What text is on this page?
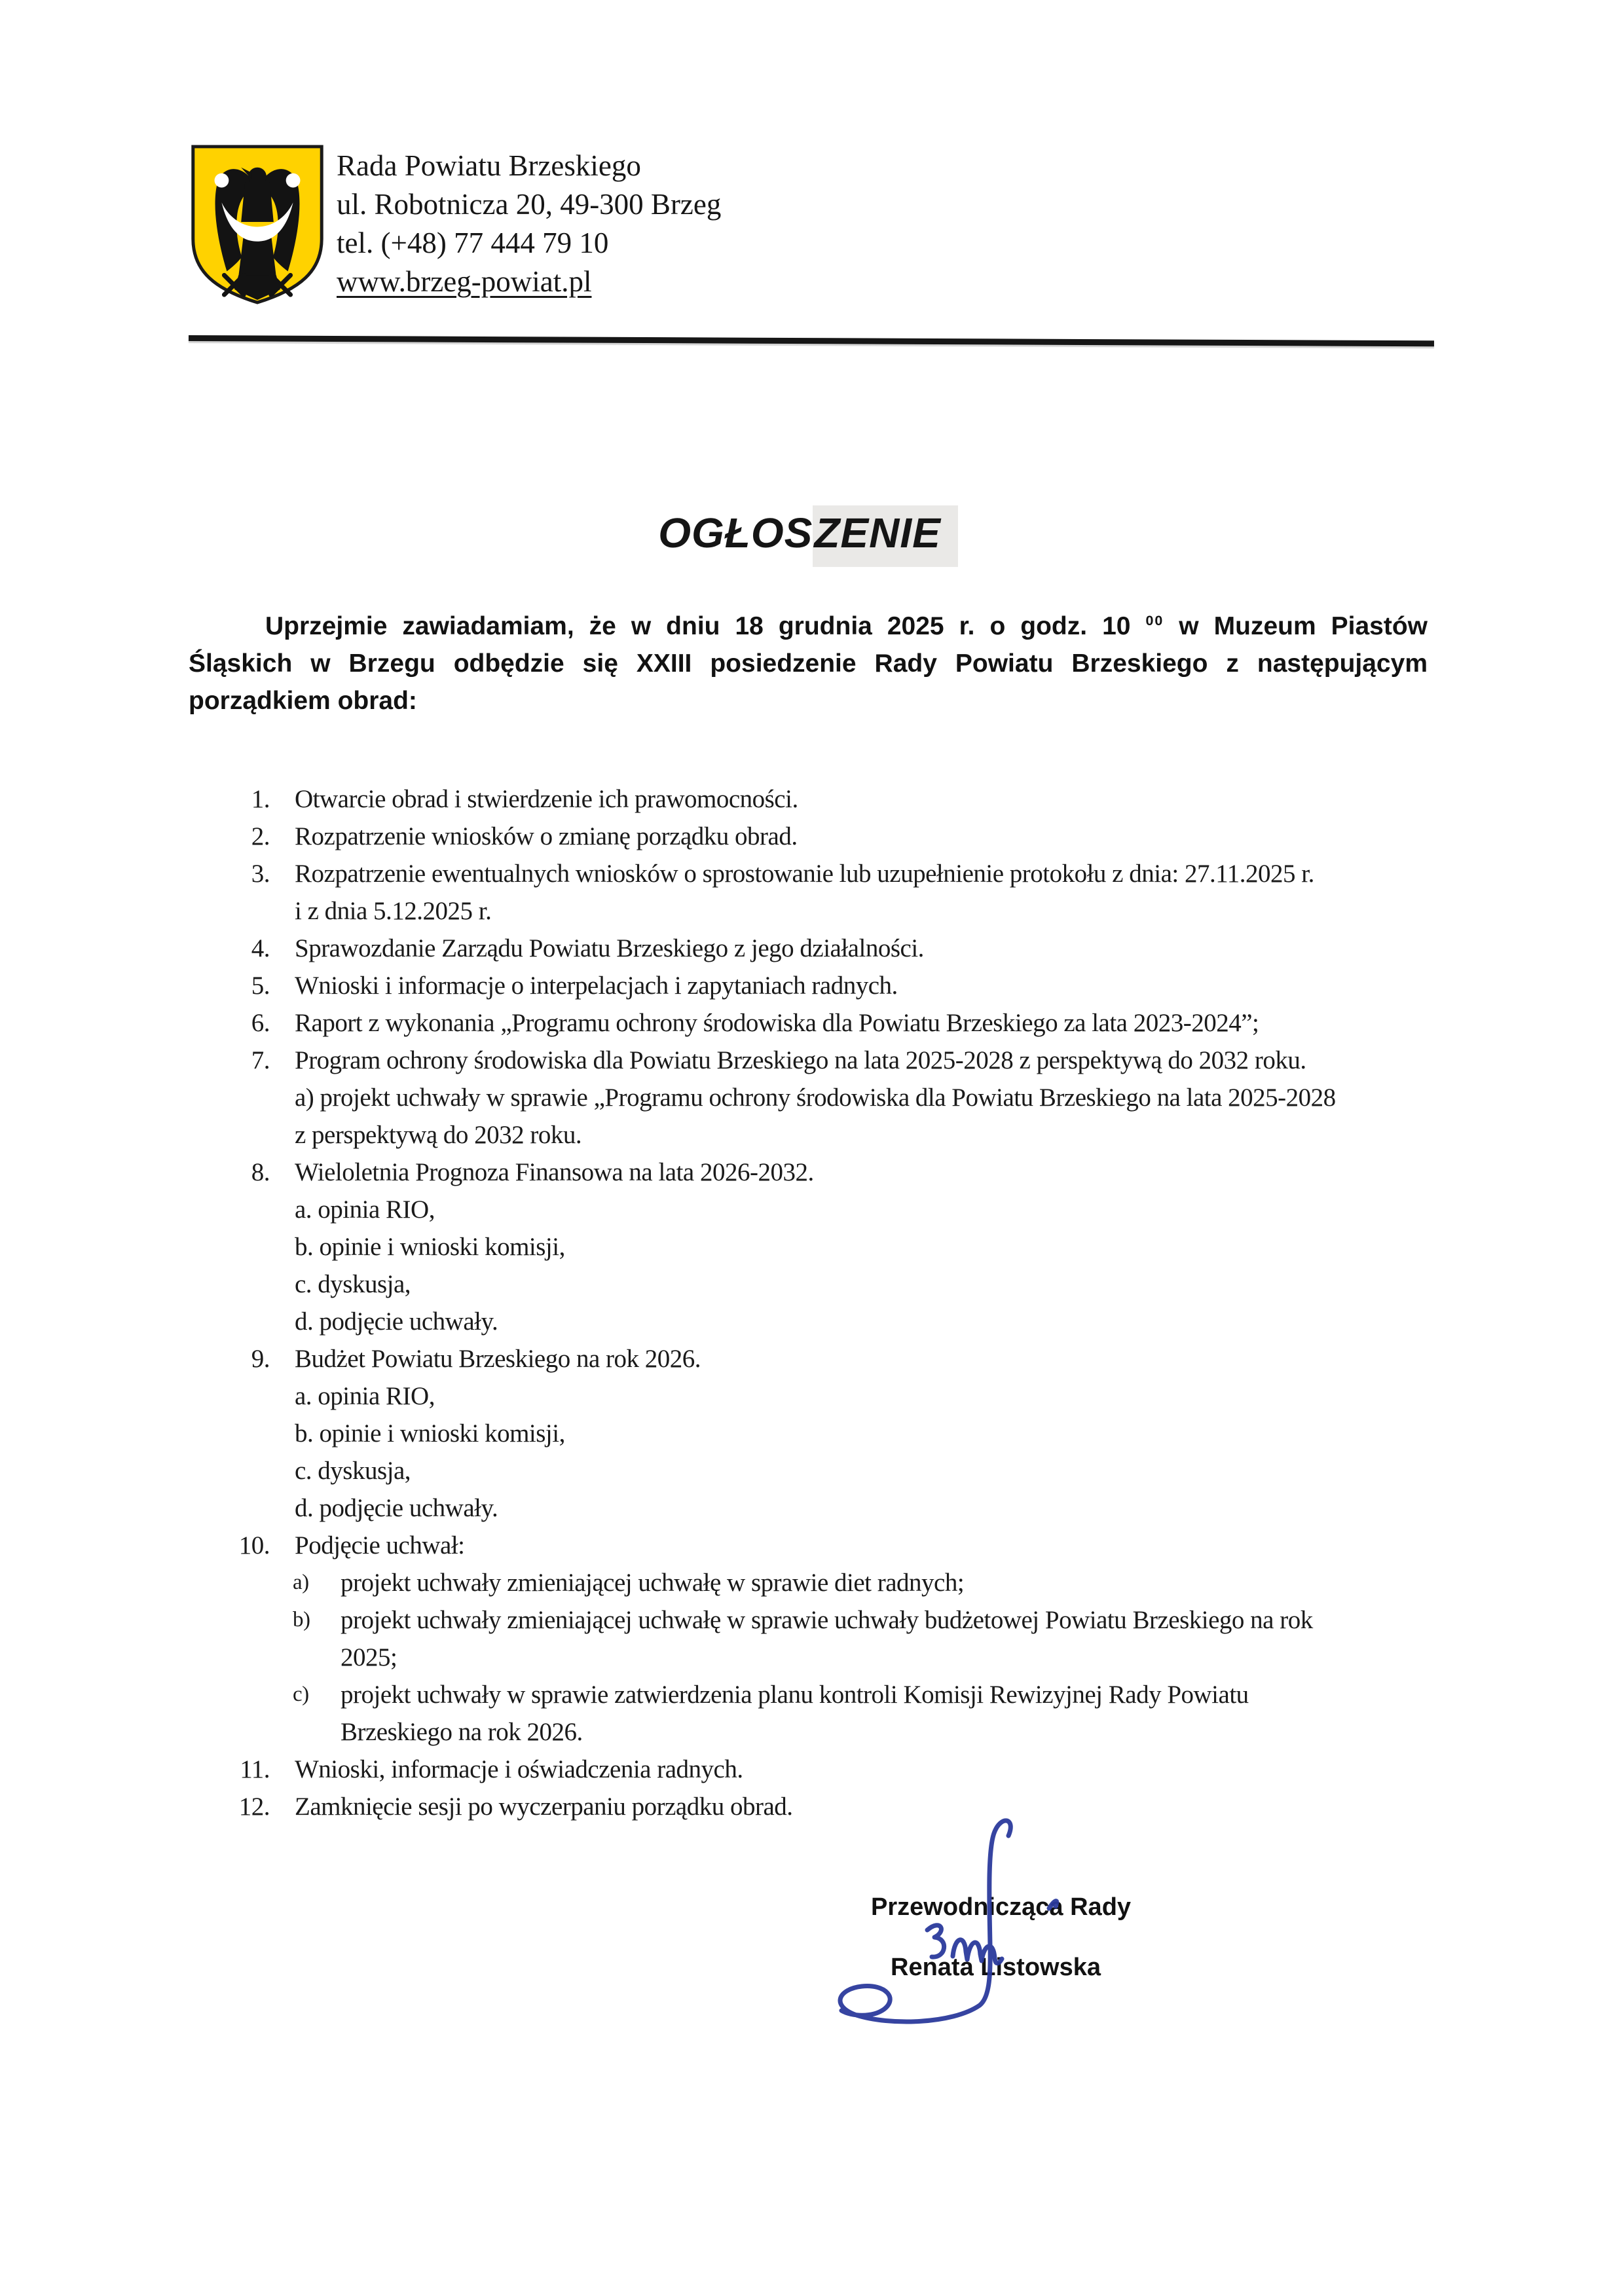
Rada Powiatu Brzeskiego
ul. Robotnicza 20, 49-300 Brzeg
tel. (+48) 77 444 79 10
www.brzeg-powiat.pl
OGŁOSZENIE
Uprzejmie zawiadamiam, że w dniu 18 grudnia 2025 r. o godz. 10 $^{00}$ w Muzeum Piastów
Śląskich w Brzegu odbędzie się XXIII posiedzenie Rady Powiatu Brzeskiego z następującym
porządkiem obrad:
1. Otwarcie obrad i stwierdzenie ich prawomocności.
2. Rozpatrzenie wniosków o zmianę porządku obrad.
3. Rozpatrzenie ewentualnych wniosków o sprostowanie lub uzupełnienie protokołu z dnia: 27.11.2025 r.
i z dnia 5.12.2025 r.
4. Sprawozdanie Zarządu Powiatu Brzeskiego z jego działalności.
5. Wnioski i informacje o interpelacjach i zapytaniach radnych.
6. Raport z wykonania „Programu ochrony środowiska dla Powiatu Brzeskiego za lata 2023-2024”;
7. Program ochrony środowiska dla Powiatu Brzeskiego na lata 2025-2028 z perspektywą do 2032 roku.
a) projekt uchwały w sprawie „Programu ochrony środowiska dla Powiatu Brzeskiego na lata 2025-2028
z perspektywą do 2032 roku.
8. Wieloletnia Prognoza Finansowa na lata 2026-2032.
a. opinia RIO,
b. opinie i wnioski komisji,
c. dyskusja,
d. podjęcie uchwały.
9. Budżet Powiatu Brzeskiego na rok 2026.
a. opinia RIO,
b. opinie i wnioski komisji,
c. dyskusja,
d. podjęcie uchwały.
10. Podjęcie uchwał:
a) projekt uchwały zmieniającej uchwałę w sprawie diet radnych;
b) projekt uchwały zmieniającej uchwałę w sprawie uchwały budżetowej Powiatu Brzeskiego na rok
2025;
c) projekt uchwały w sprawie zatwierdzenia planu kontroli Komisji Rewizyjnej Rady Powiatu
Brzeskiego na rok 2026.
11. Wnioski, informacje i oświadczenia radnych.
12. Zamknięcie sesji po wyczerpaniu porządku obrad.
Przewodnicząca Rady
Renata Listowska
